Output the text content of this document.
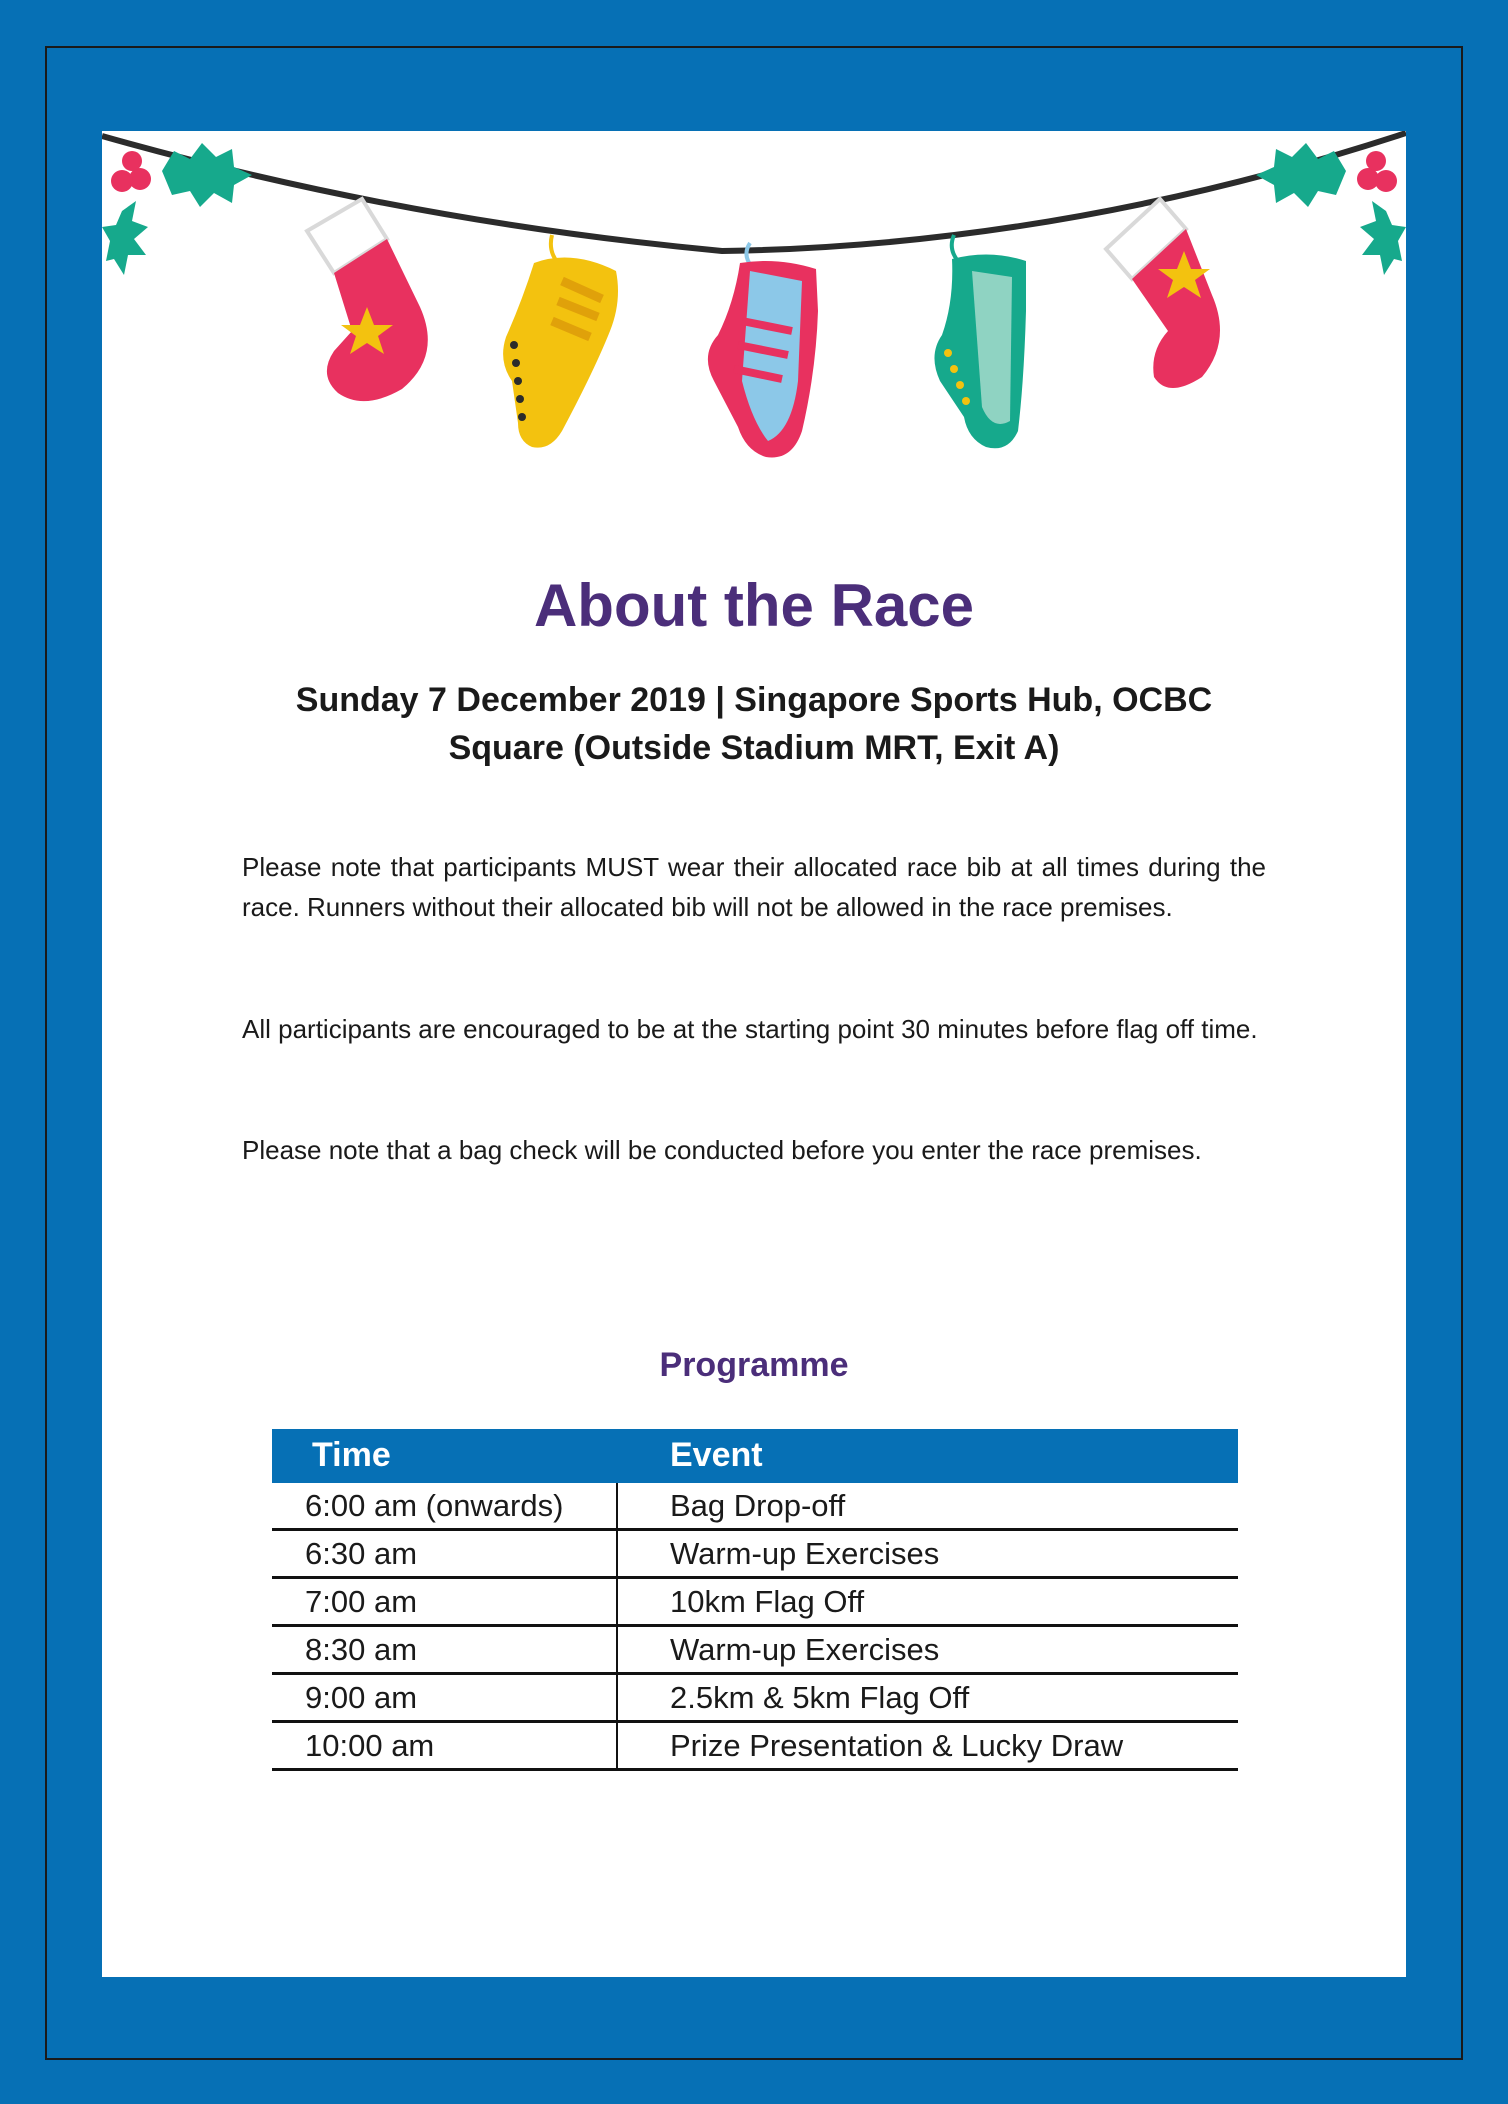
About the Race
Sunday 7 December 2019 | Singapore Sports Hub, OCBC
Square (Outside Stadium MRT, Exit A)

Please note that participants MUST wear their allocated race bib at all times during the race. Runners without their allocated bib will not be allowed in the race premises.

All participants are encouraged to be at the starting point 30 minutes before flag off time.

Please note that a bag check will be conducted before you enter the race premises.

Programme
Time	Event
6:00 am (onwards)	Bag Drop-off
6:30 am	Warm-up Exercises
7:00 am	10km Flag Off
8:30 am	Warm-up Exercises
9:00 am	2.5km & 5km Flag Off
10:00 am	Prize Presentation & Lucky Draw
